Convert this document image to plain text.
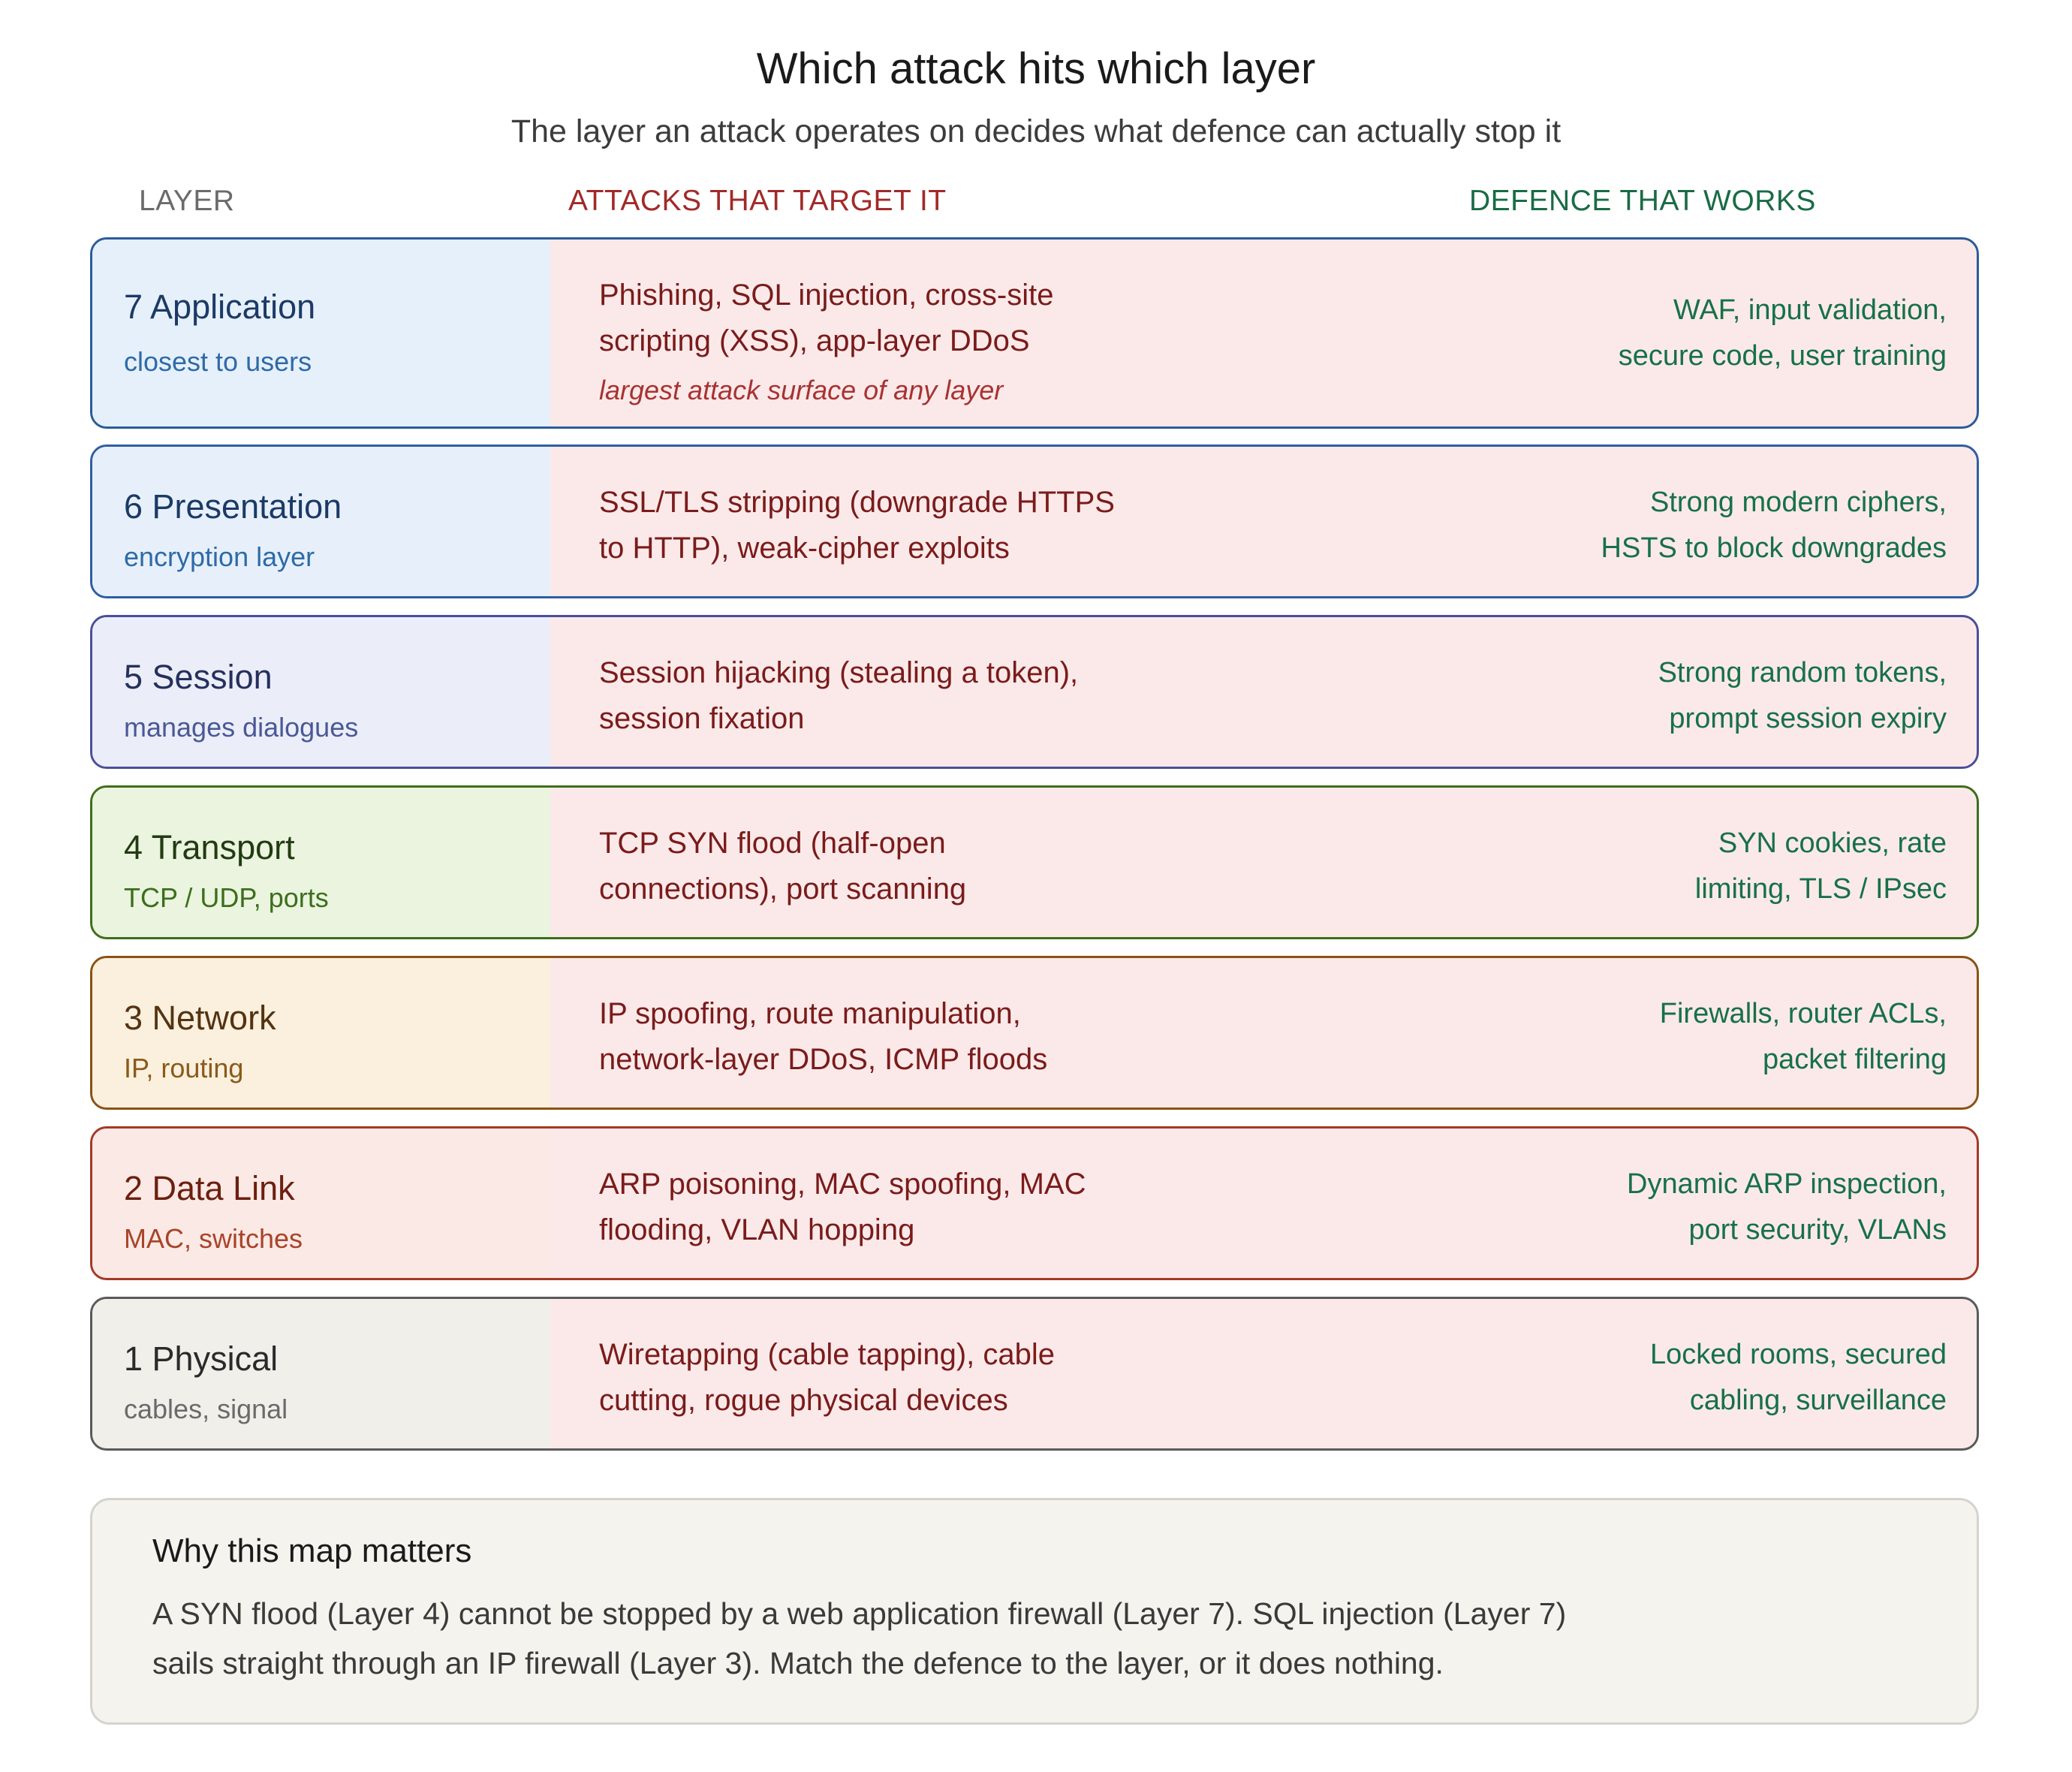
Which attack hits which layer
The layer an attack operates on decides what defence can actually stop it
LAYER	ATTACKS THAT TARGET IT	DEFENCE THAT WORKS
7 Application
closest to users
Phishing, SQL injection, cross-site
scripting (XSS), app-layer DDoS
largest attack surface of any layer
WAF, input validation,
secure code, user training
6 Presentation
encryption layer
SSL/TLS stripping (downgrade HTTPS
to HTTP), weak-cipher exploits
Strong modern ciphers,
HSTS to block downgrades
5 Session
manages dialogues
Session hijacking (stealing a token),
session fixation
Strong random tokens,
prompt session expiry
4 Transport
TCP / UDP, ports
TCP SYN flood (half-open
connections), port scanning
SYN cookies, rate
limiting, TLS / IPsec
3 Network
IP, routing
IP spoofing, route manipulation,
network-layer DDoS, ICMP floods
Firewalls, router ACLs,
packet filtering
2 Data Link
MAC, switches
ARP poisoning, MAC spoofing, MAC
flooding, VLAN hopping
Dynamic ARP inspection,
port security, VLANs
1 Physical
cables, signal
Wiretapping (cable tapping), cable
cutting, rogue physical devices
Locked rooms, secured
cabling, surveillance
Why this map matters
A SYN flood (Layer 4) cannot be stopped by a web application firewall (Layer 7). SQL injection (Layer 7)
sails straight through an IP firewall (Layer 3). Match the defence to the layer, or it does nothing.
